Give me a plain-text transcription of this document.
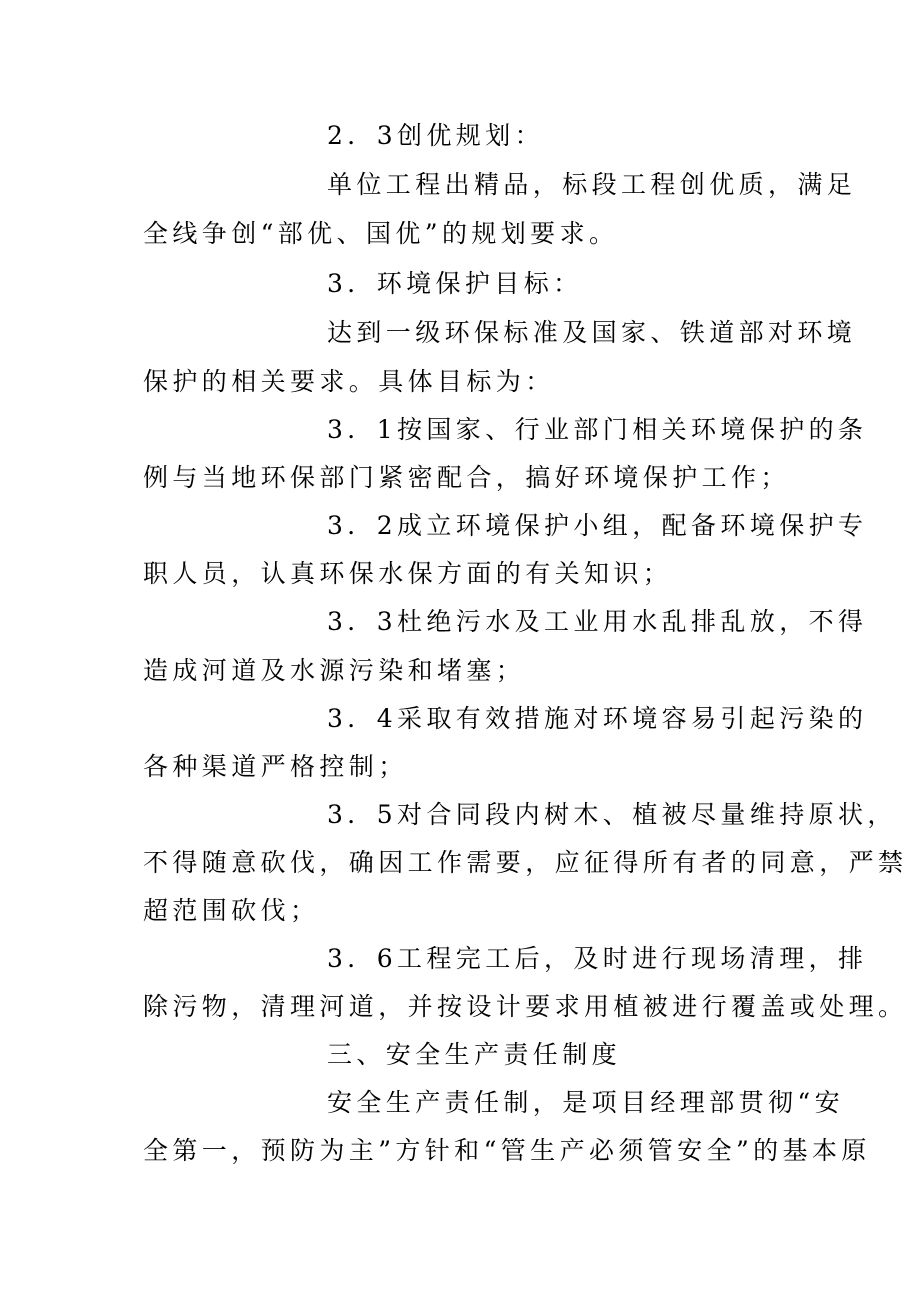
2．3创优规划：
单位工程出精品，标段工程创优质，满足
全线争创“部优、国优”的规划要求。
3．环境保护目标：
达到一级环保标准及国家、铁道部对环境
保护的相关要求。具体目标为：
3．1按国家、行业部门相关环境保护的条
例与当地环保部门紧密配合，搞好环境保护工作；
3．2成立环境保护小组，配备环境保护专
职人员，认真环保水保方面的有关知识；
3．3杜绝污水及工业用水乱排乱放，不得
造成河道及水源污染和堵塞；
3．4采取有效措施对环境容易引起污染的
各种渠道严格控制；
3．5对合同段内树木、植被尽量维持原状，
不得随意砍伐，确因工作需要，应征得所有者的同意，严禁
超范围砍伐；
3．6工程完工后，及时进行现场清理，排
除污物，清理河道，并按设计要求用植被进行覆盖或处理。
三、安全生产责任制度
安全生产责任制，是项目经理部贯彻“安
全第一，预防为主”方针和“管生产必须管安全”的基本原
